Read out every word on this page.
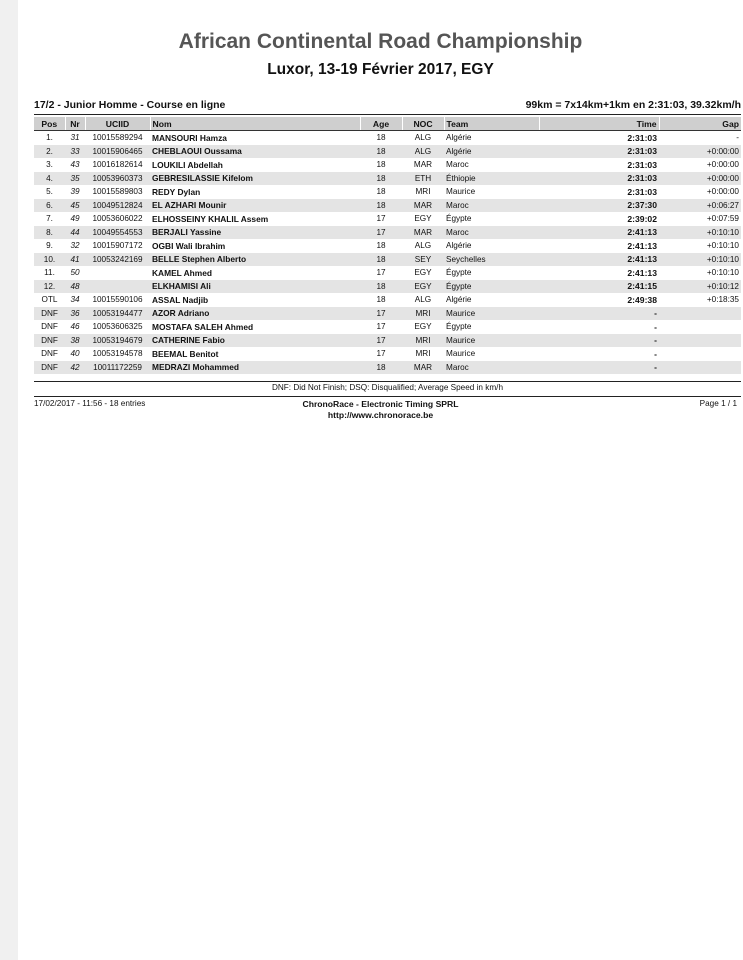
African Continental Road Championship
Luxor, 13-19 Février 2017, EGY
17/2 - Junior Homme - Course en ligne	99km = 7x14km+1km en 2:31:03, 39.32km/h
Pos	Nr	UCIID	Nom	Age	NOC	Team	Time	Gap
1.	31	10015589294	MANSOURI Hamza	18	ALG	Algérie	2:31:03	-
2.	33	10015906465	CHEBLAOUI Oussama	18	ALG	Algérie	2:31:03	+0:00:00
3.	43	10016182614	LOUKILI Abdellah	18	MAR	Maroc	2:31:03	+0:00:00
4.	35	10053960373	GEBRESILASSIE Kifelom	18	ETH	Éthiopie	2:31:03	+0:00:00
5.	39	10015589803	REDY Dylan	18	MRI	Maurice	2:31:03	+0:00:00
6.	45	10049512824	EL AZHARI Mounir	18	MAR	Maroc	2:37:30	+0:06:27
7.	49	10053606022	ELHOSSEINY KHALIL Assem	17	EGY	Égypte	2:39:02	+0:07:59
8.	44	10049554553	BERJALI Yassine	17	MAR	Maroc	2:41:13	+0:10:10
9.	32	10015907172	OGBI Wali Ibrahim	18	ALG	Algérie	2:41:13	+0:10:10
10.	41	10053242169	BELLE Stephen Alberto	18	SEY	Seychelles	2:41:13	+0:10:10
11.	50		KAMEL Ahmed	17	EGY	Égypte	2:41:13	+0:10:10
12.	48		ELKHAMISI Ali	18	EGY	Égypte	2:41:15	+0:10:12
OTL	34	10015590106	ASSAL Nadjib	18	ALG	Algérie	2:49:38	+0:18:35
DNF	36	10053194477	AZOR Adriano	17	MRI	Maurice	-	
DNF	46	10053606325	MOSTAFA SALEH Ahmed	17	EGY	Égypte	-	
DNF	38	10053194679	CATHERINE Fabio	17	MRI	Maurice	-	
DNF	40	10053194578	BEEMAL Benitot	17	MRI	Maurice	-	
DNF	42	10011172259	MEDRAZI Mohammed	18	MAR	Maroc	-	
DNF: Did Not Finish; DSQ: Disqualified; Average Speed in km/h
17/02/2017 - 11:56 - 18 entries	ChronoRace - Electronic Timing SPRL
http://www.chronorace.be
Page 1 / 1
